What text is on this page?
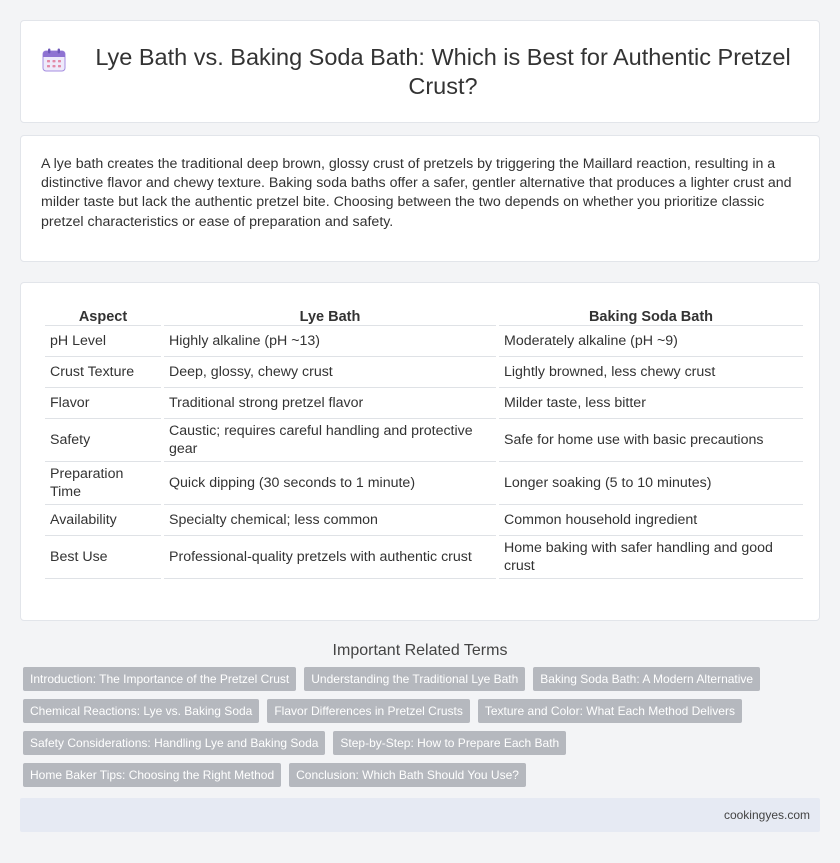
Lye Bath vs. Baking Soda Bath: Which is Best for Authentic Pretzel Crust?

A lye bath creates the traditional deep brown, glossy crust of pretzels by triggering the Maillard reaction, resulting in a distinctive flavor and chewy texture. Baking soda baths offer a safer, gentler alternative that produces a lighter crust and milder taste but lack the authentic pretzel bite. Choosing between the two depends on whether you prioritize classic pretzel characteristics or ease of preparation and safety.

Aspect	Lye Bath	Baking Soda Bath
pH Level	Highly alkaline (pH ~13)	Moderately alkaline (pH ~9)
Crust Texture	Deep, glossy, chewy crust	Lightly browned, less chewy crust
Flavor	Traditional strong pretzel flavor	Milder taste, less bitter
Safety	Caustic; requires careful handling and protective gear	Safe for home use with basic precautions
Preparation Time	Quick dipping (30 seconds to 1 minute)	Longer soaking (5 to 10 minutes)
Availability	Specialty chemical; less common	Common household ingredient
Best Use	Professional-quality pretzels with authentic crust	Home baking with safer handling and good crust
Important Related Terms
Introduction: The Importance of the Pretzel Crust	Understanding the Traditional Lye Bath	Baking Soda Bath: A Modern Alternative
Chemical Reactions: Lye vs. Baking Soda	Flavor Differences in Pretzel Crusts	Texture and Color: What Each Method Delivers
Safety Considerations: Handling Lye and Baking Soda	Step-by-Step: How to Prepare Each Bath
Home Baker Tips: Choosing the Right Method	Conclusion: Which Bath Should You Use?
cookingyes.com
